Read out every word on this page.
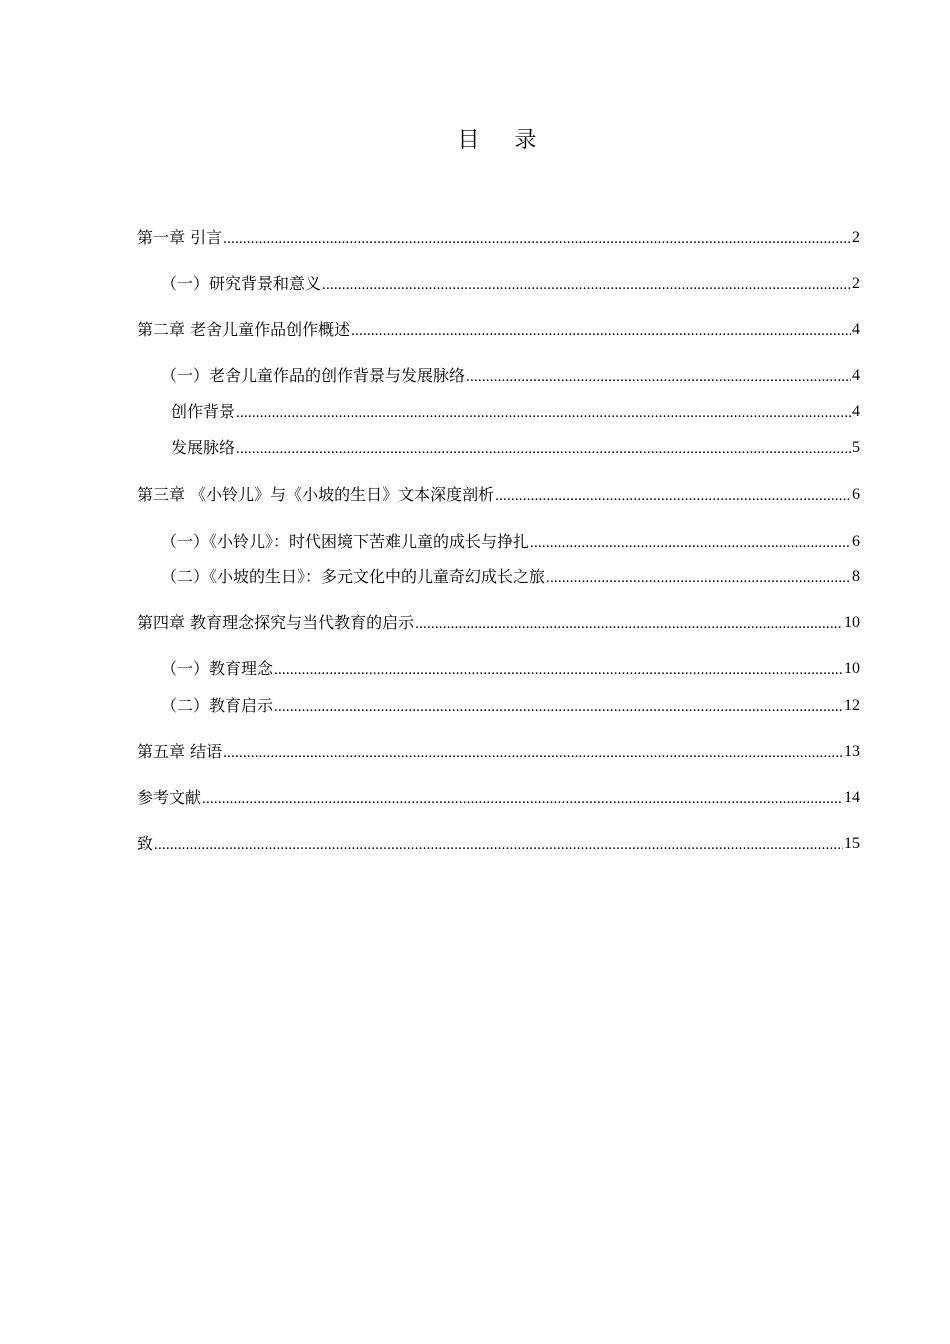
目 录
第一章 引言 .....	2
（一）研究背景和意义 .....	2
第二章 老舍儿童作品创作概述 .....	4
（一）老舍儿童作品的创作背景与发展脉络 .....	4
创作背景 .....	4
发展脉络 .....	5
第三章 《小铃儿》与《小坡的生日》文本深度剖析 .....	6
（一）《小铃儿》：时代困境下苦难儿童的成长与挣扎 .....	6
（二）《小坡的生日》：多元文化中的儿童奇幻成长之旅 .....	8
第四章 教育理念探究与当代教育的启示 .....	10
（一）教育理念 .....	10
（二）教育启示 .....	12
第五章 结语 .....	13
参考文献 .....	14
致 .....	15
